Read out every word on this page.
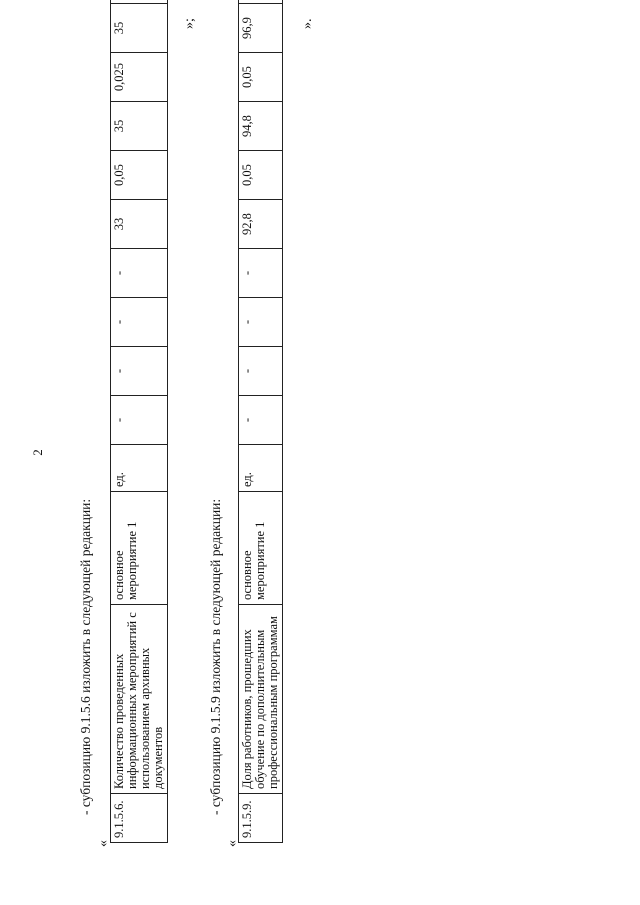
2
- субпозицию 9.1.5.6 изложить в следующей редакции:
«
9.1.5.6.	Количество проведенных информационных мероприятий с использованием архивных документов	основное мероприятие 1	ед.	-	-	-	-	33	0,05	35	0,025	35		»;
- субпозицию 9.1.5.9 изложить в следующей редакции:
«
9.1.5.9.	Доля работников, прошедших обучение по дополнительным профессиональным программам	основное мероприятие 1	ед.	-	-	-	-	92,8	0,05	94,8	0,05	96,9		».
